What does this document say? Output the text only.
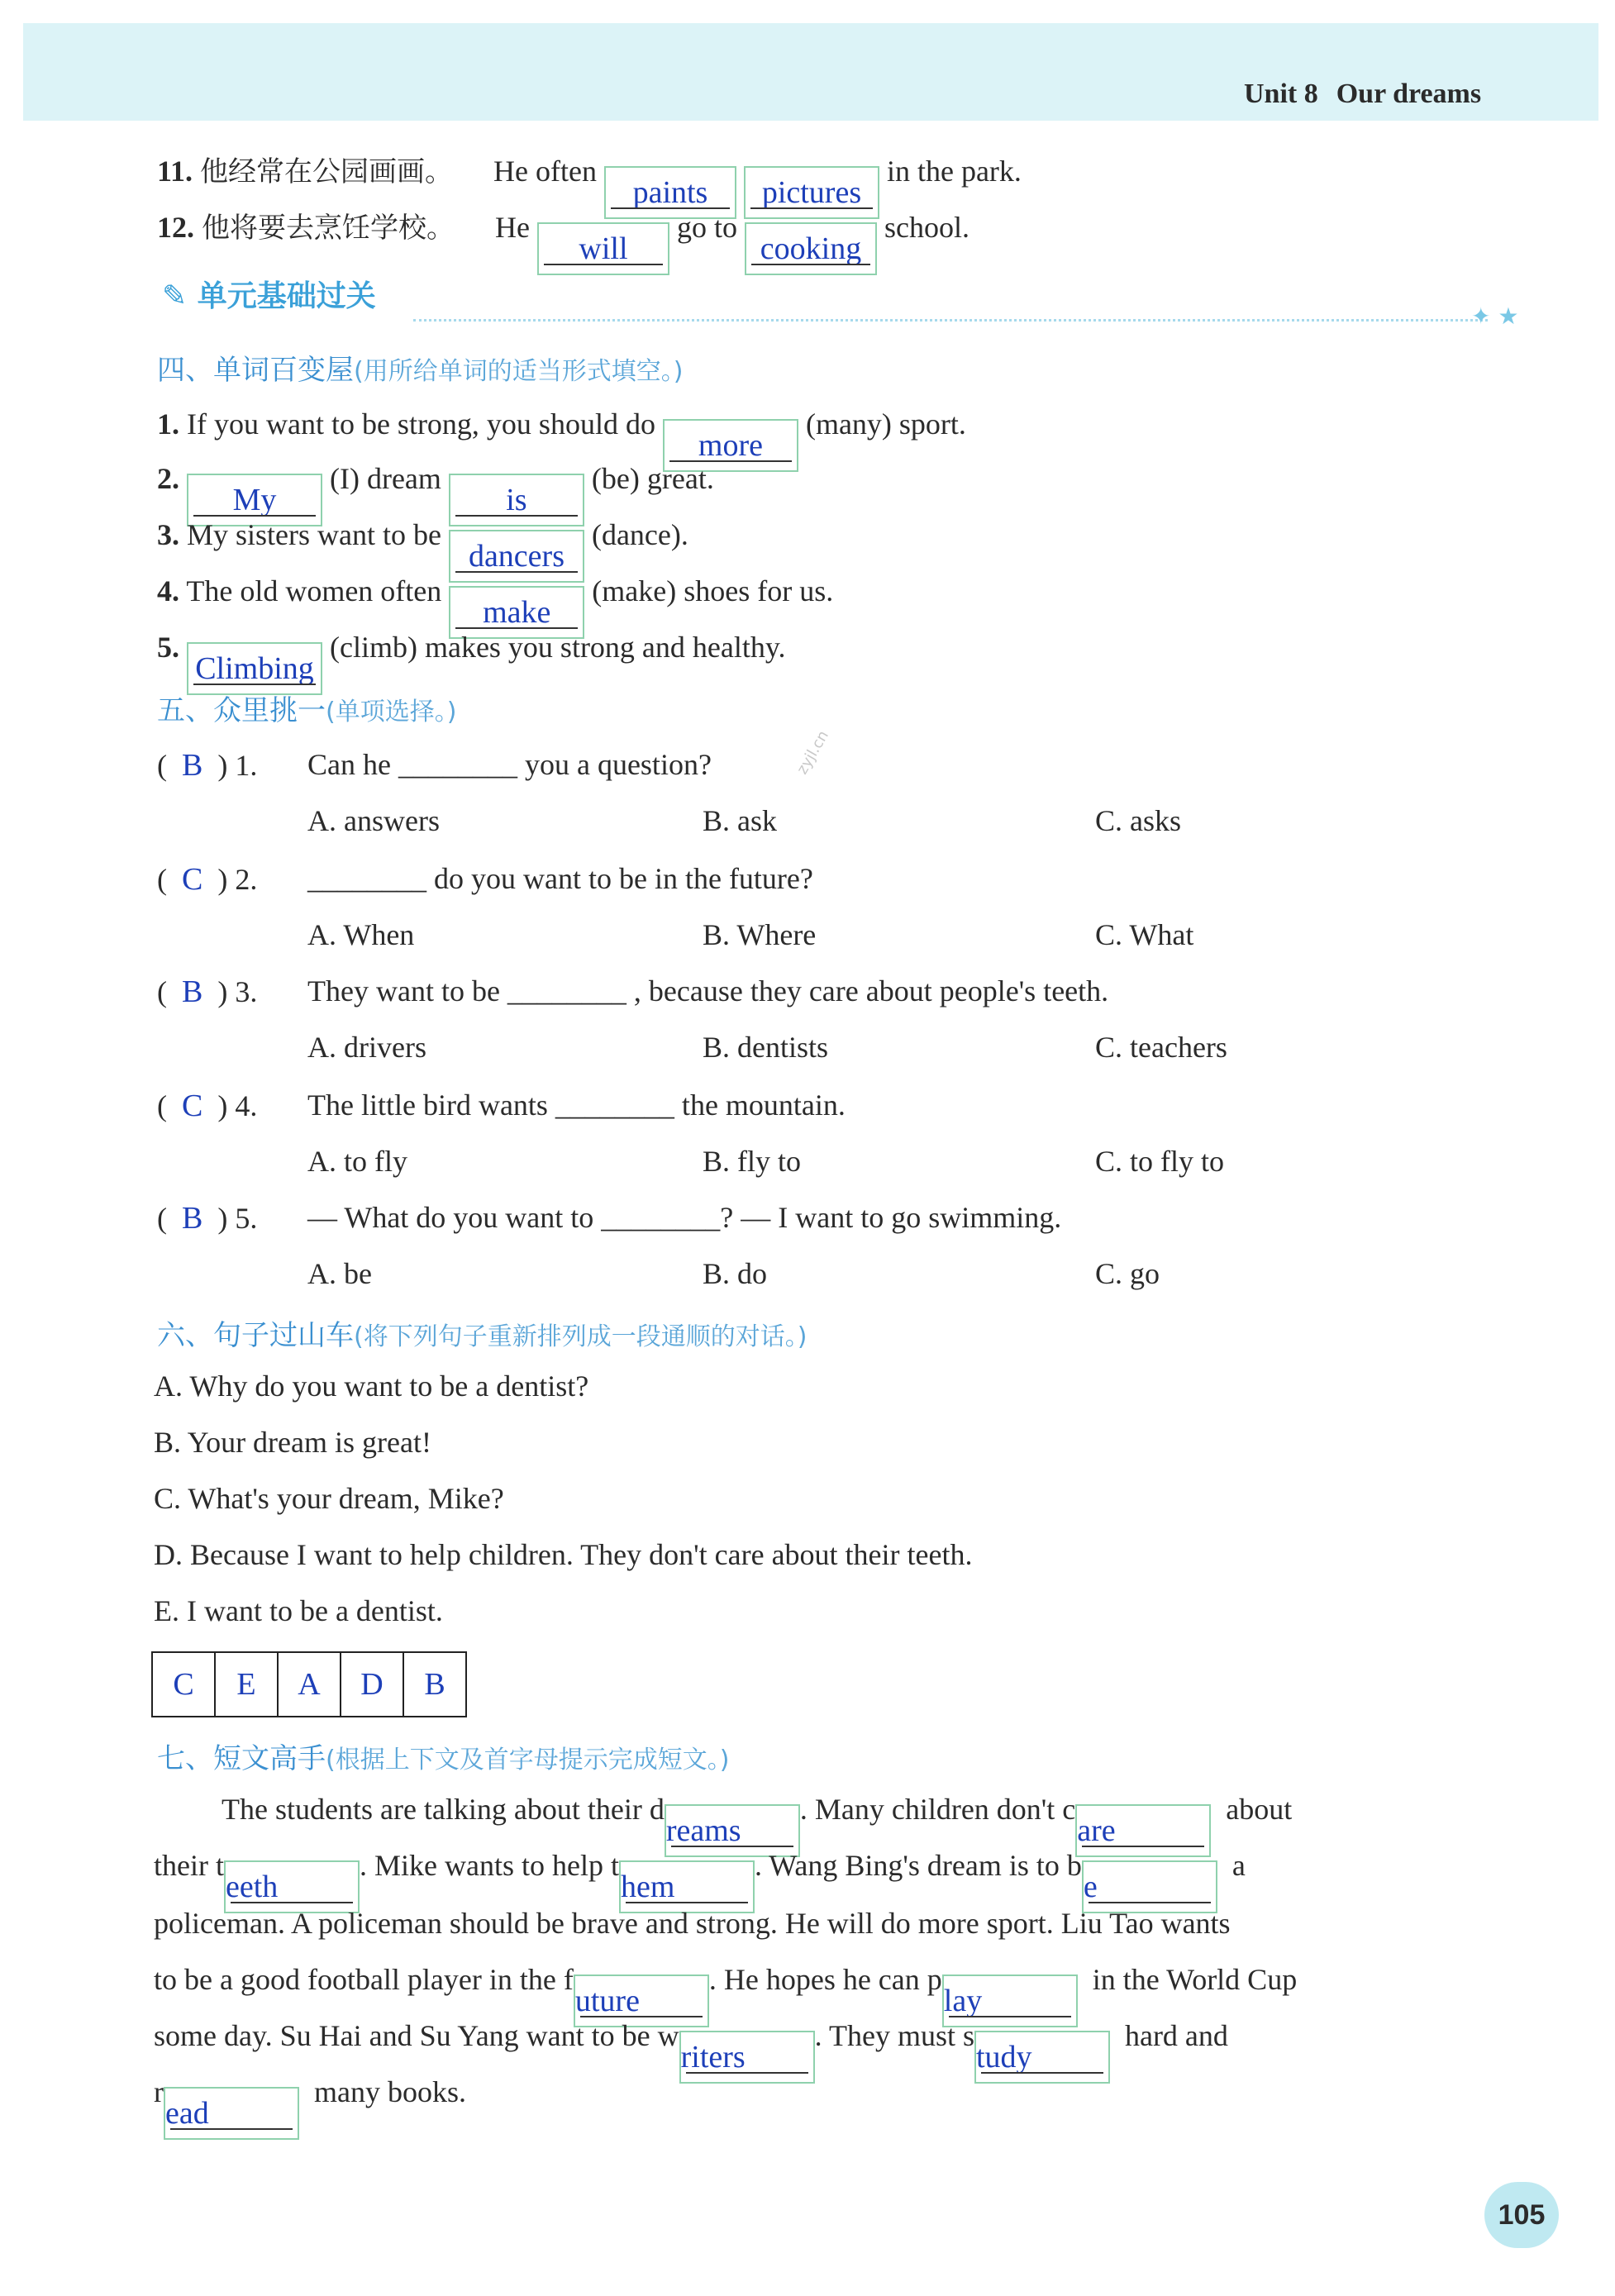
Unit 8 Our dreams
11. 他经常在公园画画。 He often paints pictures
in the park.
12. 他将要去烹饪学校。 He will
go to cooking
school.
✎ 单元基础过关
✦ ★
四、单词百变屋(用所给单词的适当形式填空。)
1. If you want to be strong, you should do more
(many) sport.
2. My
(I) dream is
(be) great.
3. My sisters want to be dancers
(dance).
4. The old women often make
(make) shoes for us.
5. Climbing
(climb) makes you strong and healthy.
五、众里挑一(单项选择。)
zyjl.cn
(  B ) 1. Can he ________ you a question?
A. answers	B. ask	C. asks
(  C ) 2. ________ do you want to be in the future?
A. When	B. Where	C. What
(  B ) 3. They want to be ________ , because they care about people's teeth.
A. drivers	B. dentists	C. teachers
(  C ) 4. The little bird wants ________ the mountain.
A. to fly	B. fly to	C. to fly to
(  B ) 5. — What do you want to ________? — I want to go swimming.
A. be	B. do	C. go
六、句子过山车(将下列句子重新排列成一段通顺的对话。)
A. Why do you want to be a dentist?
B. Your dream is great!
C. What's your dream, Mike?
D. Because I want to help children. They don't care about their teeth.
E. I want to be a dentist.
C	E	A	D	B
七、短文高手(根据上下文及首字母提示完成短文。)
The students are talking about their dreams
. Many children don't care
about
their teeth
. Mike wants to help them
. Wang Bing's dream is to be
a
policeman. A policeman should be brave and strong. He will do more sport. Liu Tao wants
to be a good football player in the future
. He hopes he can play
in the World Cup
some day. Su Hai and Su Yang want to be writers
. They must study
hard and
read
many books.
105
